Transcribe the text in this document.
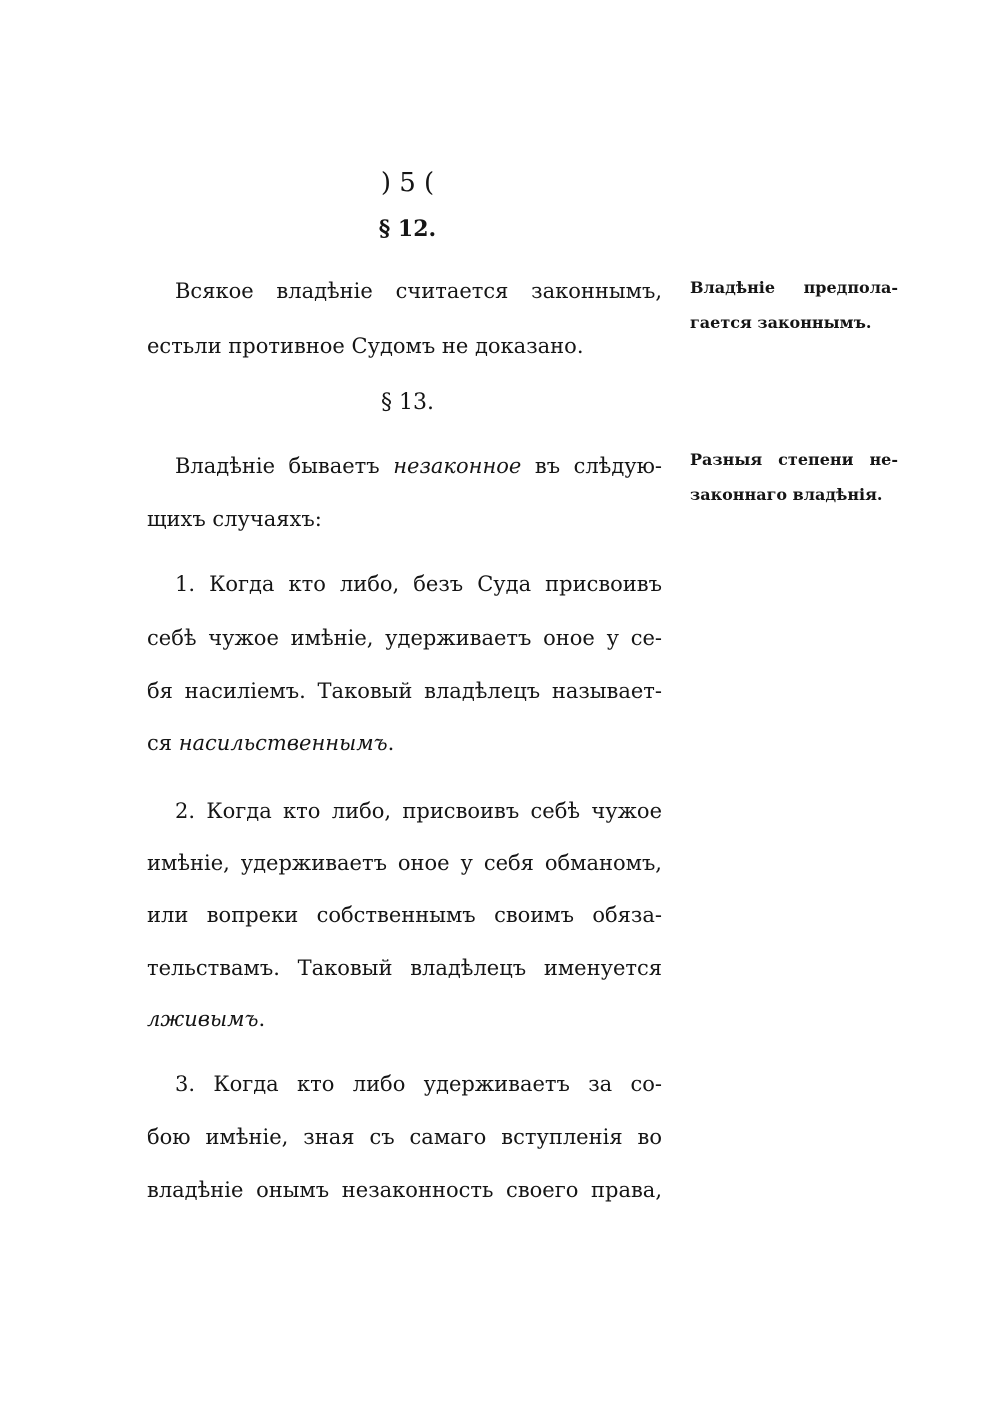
) 5 (
§ 12.
§ 13.
Всякое владѣніе считается законнымъ,
естьли противное Судомъ не доказано.
Владѣніе бываетъ незаконное въ слѣдую-
щихъ случаяхъ:
1. Когда кто либо, безъ Суда присвоивъ
себѣ чужое имѣніе, удерживаетъ оное у се-
бя насиліемъ. Таковый владѣлецъ называет-
ся насильственнымъ.
2. Когда кто либо, присвоивъ себѣ чужое
имѣніе, удерживаетъ оное у себя обманомъ,
или вопреки собственнымъ своимъ обяза-
тельствамъ. Таковый владѣлецъ именуется
лживымъ.
3. Когда кто либо удерживаетъ за со-
бою имѣніе, зная съ самаго вступленія во
владѣніе онымъ незаконность своего права,
Владѣніе предпола-
гается законнымъ.
Разныя степени не-
законнаго владѣнія.
